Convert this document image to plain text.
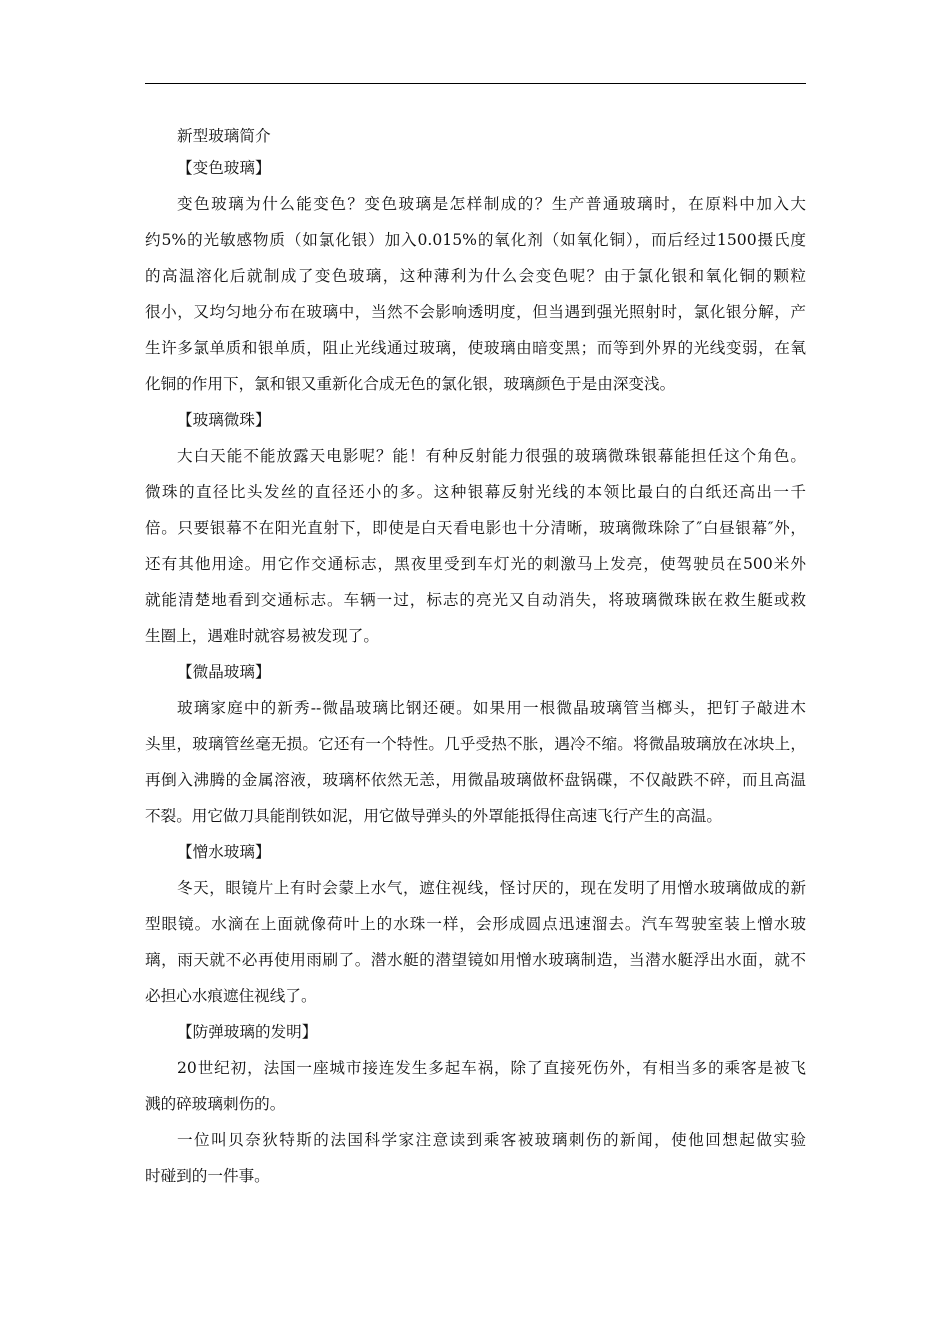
新型玻璃简介
【变色玻璃】
变色玻璃为什么能变色？变色玻璃是怎样制成的？生产普通玻璃时，在原料中加入大
约5%的光敏感物质（如氯化银）加入0.015%的氧化剂（如氧化铜），而后经过1500摄氏度
的高温溶化后就制成了变色玻璃，这种薄利为什么会变色呢？由于氯化银和氧化铜的颗粒
很小，又均匀地分布在玻璃中，当然不会影响透明度，但当遇到强光照射时，氯化银分解，产
生许多氯单质和银单质，阻止光线通过玻璃，使玻璃由暗变黑；而等到外界的光线变弱，在氧
化铜的作用下，氯和银又重新化合成无色的氯化银，玻璃颜色于是由深变浅。
【玻璃微珠】
大白天能不能放露天电影呢？能！有种反射能力很强的玻璃微珠银幕能担任这个角色。
微珠的直径比头发丝的直径还小的多。这种银幕反射光线的本领比最白的白纸还高出一千
倍。只要银幕不在阳光直射下，即使是白天看电影也十分清晰，玻璃微珠除了″白昼银幕″外，
还有其他用途。用它作交通标志，黑夜里受到车灯光的刺激马上发亮，使驾驶员在500米外
就能清楚地看到交通标志。车辆一过，标志的亮光又自动消失，将玻璃微珠嵌在救生艇或救
生圈上，遇难时就容易被发现了。
【微晶玻璃】
玻璃家庭中的新秀--微晶玻璃比钢还硬。如果用一根微晶玻璃管当榔头，把钉子敲进木
头里，玻璃管丝毫无损。它还有一个特性。几乎受热不胀，遇冷不缩。将微晶玻璃放在冰块上，
再倒入沸腾的金属溶液，玻璃杯依然无恙，用微晶玻璃做杯盘锅碟，不仅敲跌不碎，而且高温
不裂。用它做刀具能削铁如泥，用它做导弹头的外罩能抵得住高速飞行产生的高温。
【憎水玻璃】
冬天，眼镜片上有时会蒙上水气，遮住视线，怪讨厌的，现在发明了用憎水玻璃做成的新
型眼镜。水滴在上面就像荷叶上的水珠一样，会形成圆点迅速溜去。汽车驾驶室装上憎水玻
璃，雨天就不必再使用雨刷了。潜水艇的潜望镜如用憎水玻璃制造，当潜水艇浮出水面，就不
必担心水痕遮住视线了。
【防弹玻璃的发明】
20世纪初，法国一座城市接连发生多起车祸，除了直接死伤外，有相当多的乘客是被飞
溅的碎玻璃刺伤的。
一位叫贝奈狄特斯的法国科学家注意读到乘客被玻璃刺伤的新闻，使他回想起做实验
时碰到的一件事。
